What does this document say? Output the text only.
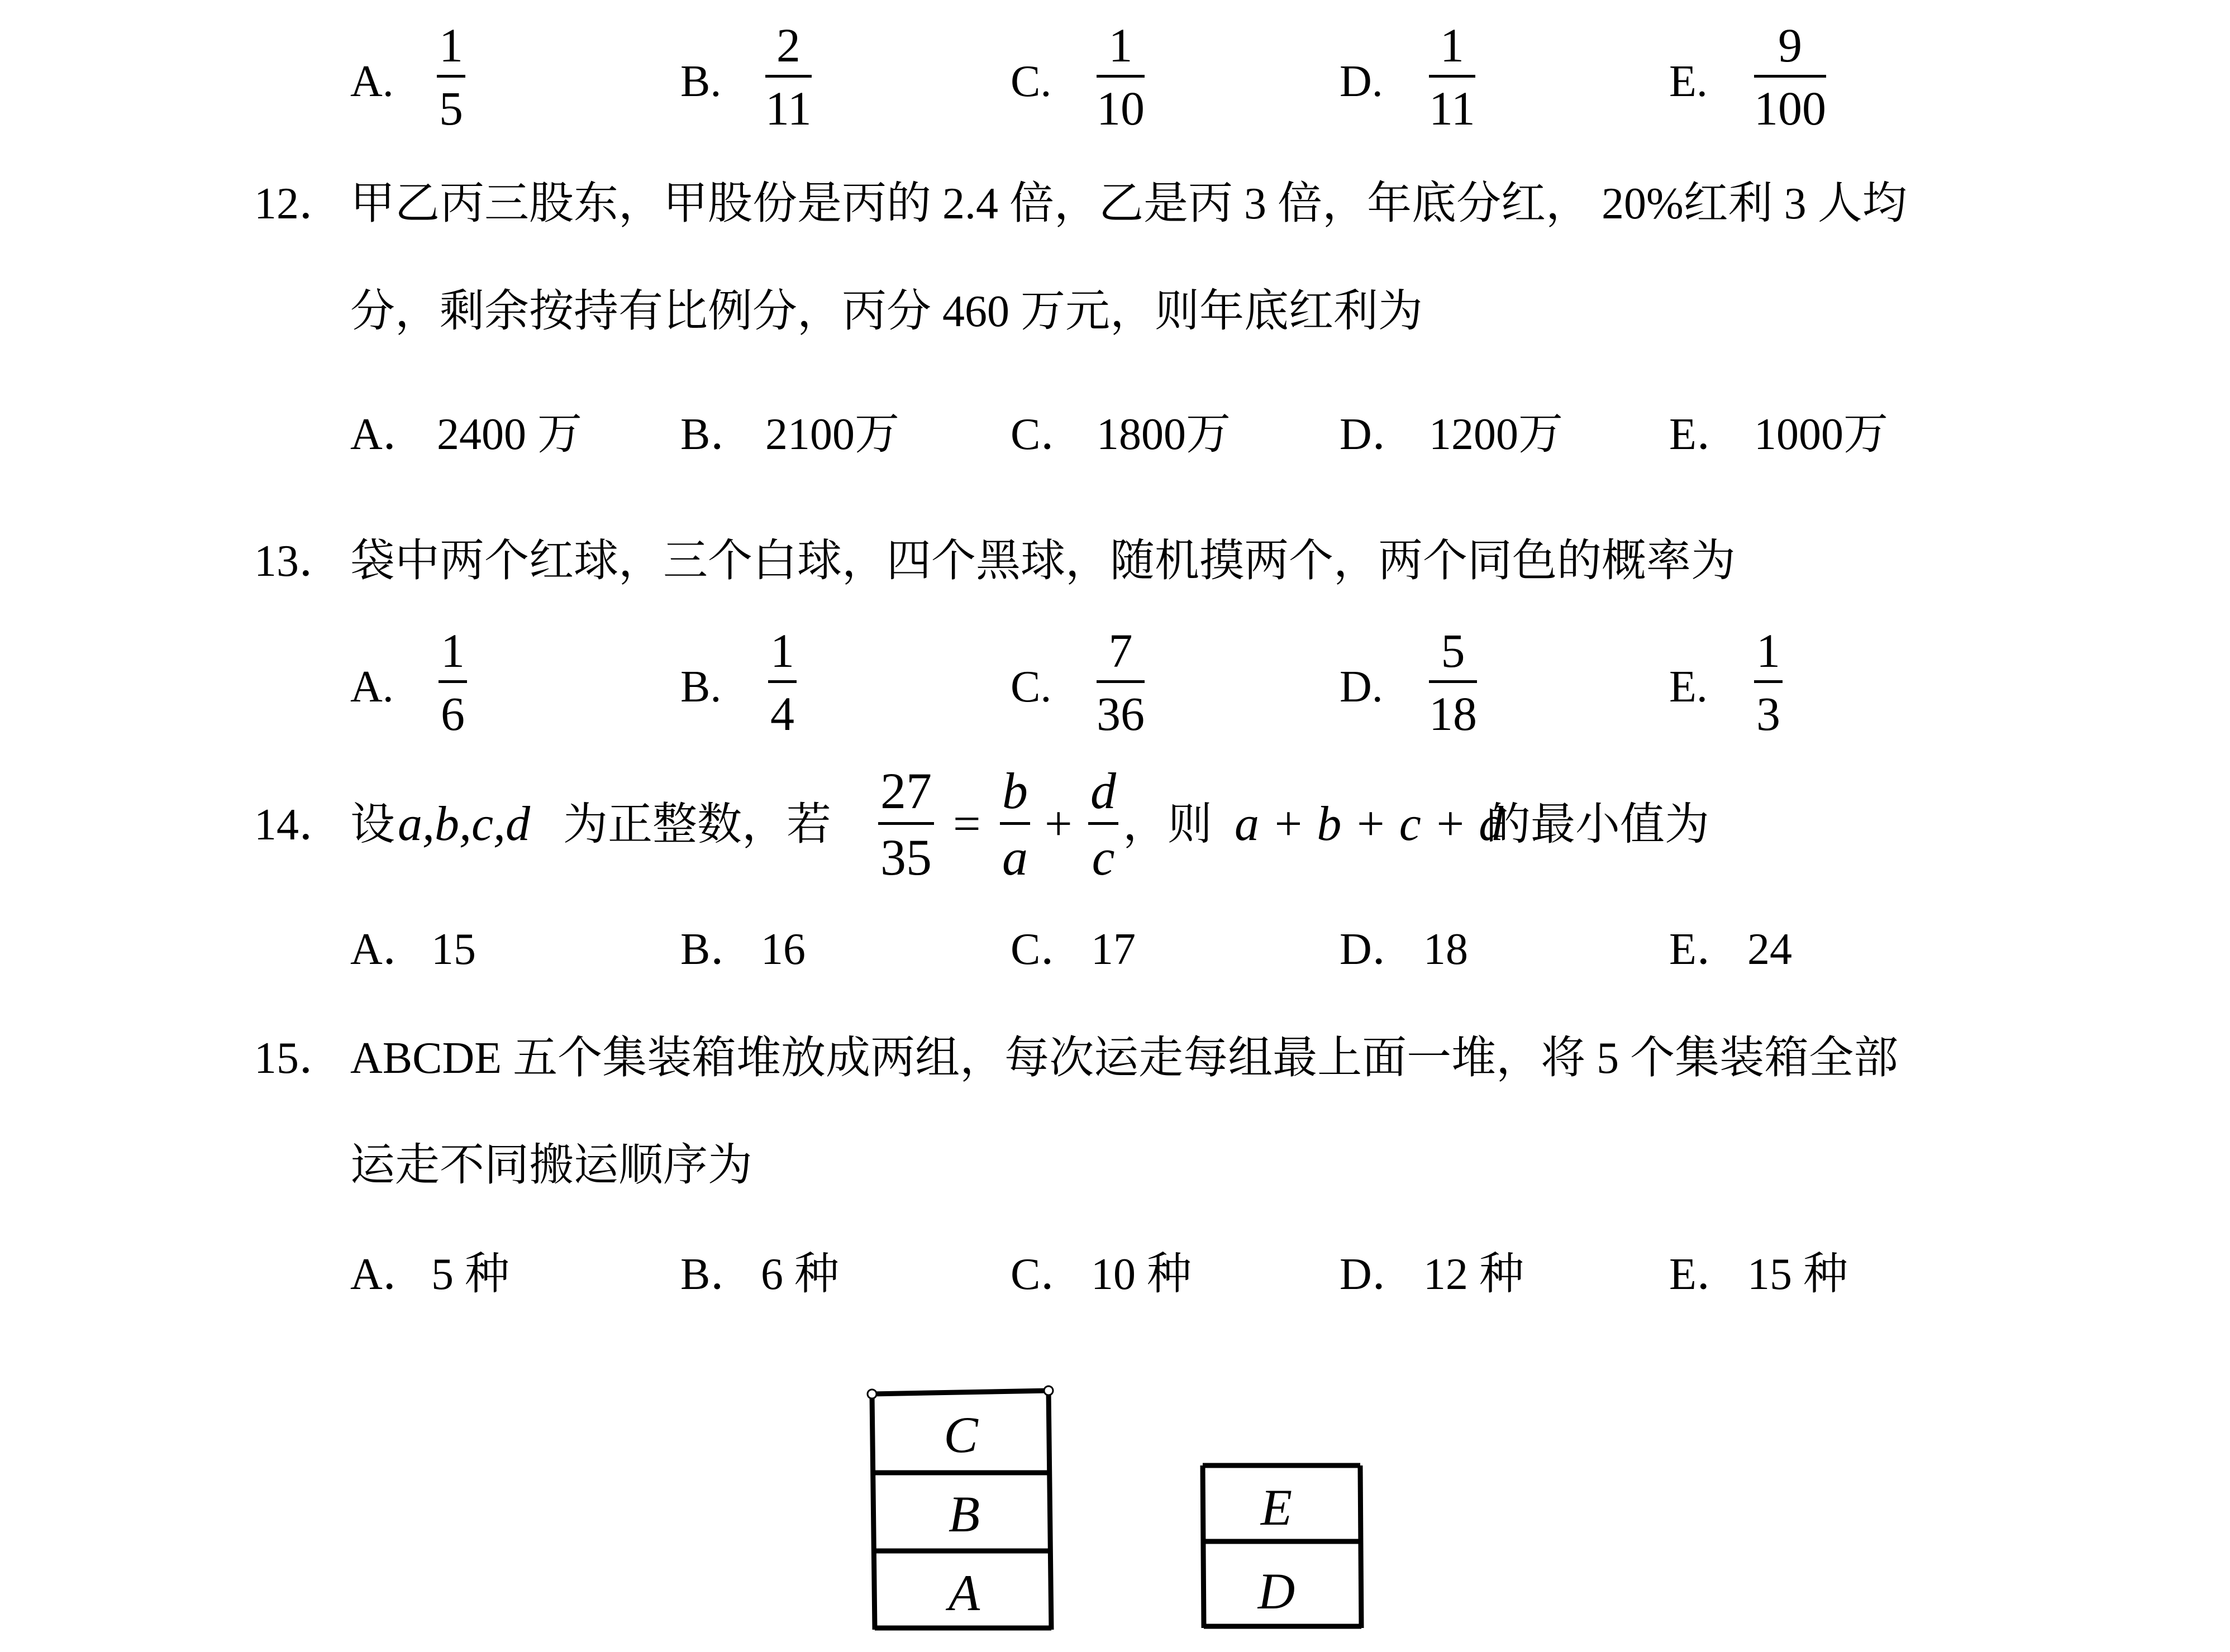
A.
1
5	B.
2
11	C.
1
10	D.
1
11	E.
9
100
12． 甲乙丙三股东，甲股份是丙的 2.4 倍，乙是丙 3 倍，年底分红， 20%红利 3 人均
分，剩余按持有比例分，丙分 460 万元，则年底红利为
A． 2400 万 B． 2100万 C． 1800万 D． 1200万 E． 1000万
13． 袋中两个红球，三个白球，四个黑球，随机摸两个，两个同色的概率为
A.
1
6	B.
1
4	C.
7
36	D.
5
18	E.
1
3
14． 设 a,b,c,d 为正整数，若
27
35
=
b
a
+
d
c
，则 a + b + c + d
的最小值为
A． 15	B． 16	C． 17	D． 18	E． 24
15． ABCDE 五个集装箱堆放成两组，每次运走每组最上面一堆，将 5 个集装箱全部
运走不同搬运顺序为
A． 5 种	B． 6 种	C． 10 种	D． 12 种	E． 15 种
C
B
A
E
D
